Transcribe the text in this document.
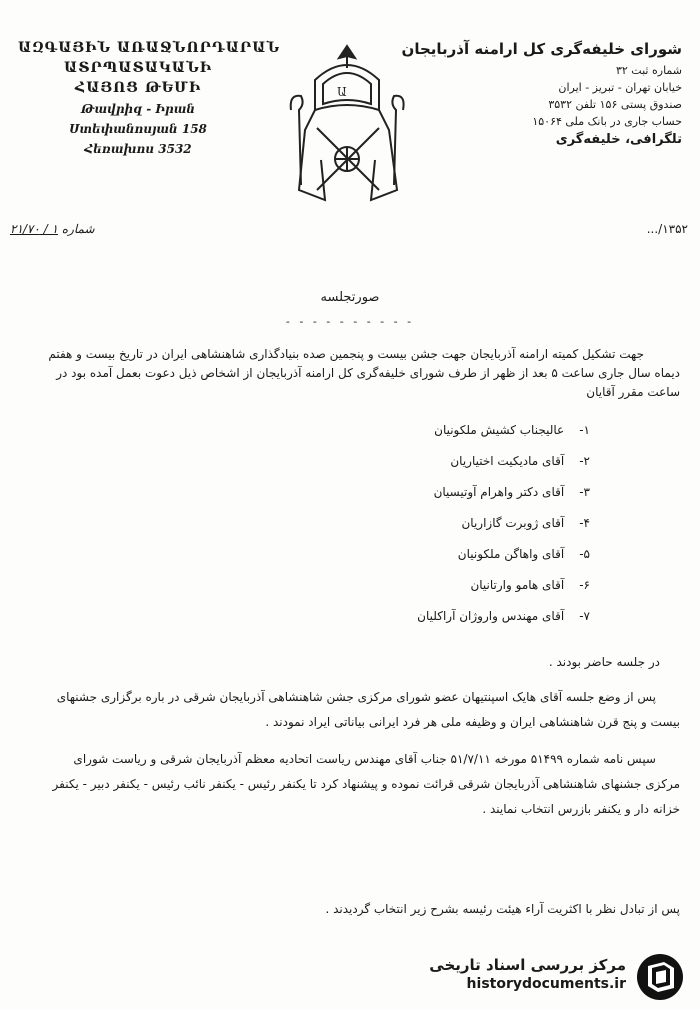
ԱԶԳԱՅԻՆ ԱՌԱՋՆՈՐԴԱՐԱՆ
ԱՏՐՊԱՏԱԿԱՆԻ
ՀԱՅՈՑ ԹԵՄԻ
Թավրիզ - Իրան
Ստեփանոսյան 158
Հեռախոս 3532
Ա
شورای خلیفه‌گری کل ارامنه آذربایجان
شماره ثبت ۳۲
خیابان تهران - تبریز - ایران
صندوق پستی ۱۵۶ تلفن ۳۵۳۲
حساب جاری در بانک ملی ۱۵۰۶۴
تلگرافی، خلیفه‌گری
شماره ۱ / ۲۱/۷۰	۱۳۵۲/...
صورتجلسه
- - - - - - - - - -

جهت تشکیل کمیته ارامنه آذربایجان جهت جشن بیست و پنجمین صده بنیادگذاری شاهنشاهی ایران در تاریخ بیست و هفتم دیماه سال جاری ساعت ۵ بعد از ظهر از طرف شورای خلیفه‌گری کل ارامنه آذربایجان از اشخاص ذیل دعوت بعمل آمده بود در ساعت مقرر آقایان

۱- عالیجناب کشیش ملکونیان
۲- آقای مادیکیت اختیاریان
۳- آقای دکتر واهرام آوتیسیان
۴- آقای ژوبرت گازاریان
۵- آقای واهاگن ملکونیان
۶- آقای هامو وارتانیان
۷- آقای مهندس واروژان آراکلیان
در جلسه حاضر بودند .

پس از وضع جلسه آقای هایک اسپنتیهان عضو شورای مرکزی جشن شاهنشاهی آذربایجان شرقی در باره برگزاری جشنهای بیست و پنج قرن شاهنشاهی ایران و وظیفه ملی هر فرد ایرانی بیاناتی ایراد نمودند .

سپس نامه شماره ۵۱۴۹۹ مورخه ۵۱/۷/۱۱ جناب آقای مهندس ریاست اتحادیه معظم آذربایجان شرقی و ریاست شورای مرکزی جشنهای شاهنشاهی آذربایجان شرقی قرائت نموده و پیشنهاد کرد تا یکنفر رئیس - یکنفر نائب رئیس - یکنفر دبیر - یکنفر خزانه دار و یکنفر بازرس انتخاب نمایند .

پس از تبادل نظر با اکثریت آراء هیئت رئیسه بشرح زیر انتخاب گردیدند .
مرکز بررسی اسناد تاریخی
historydocuments.ir
